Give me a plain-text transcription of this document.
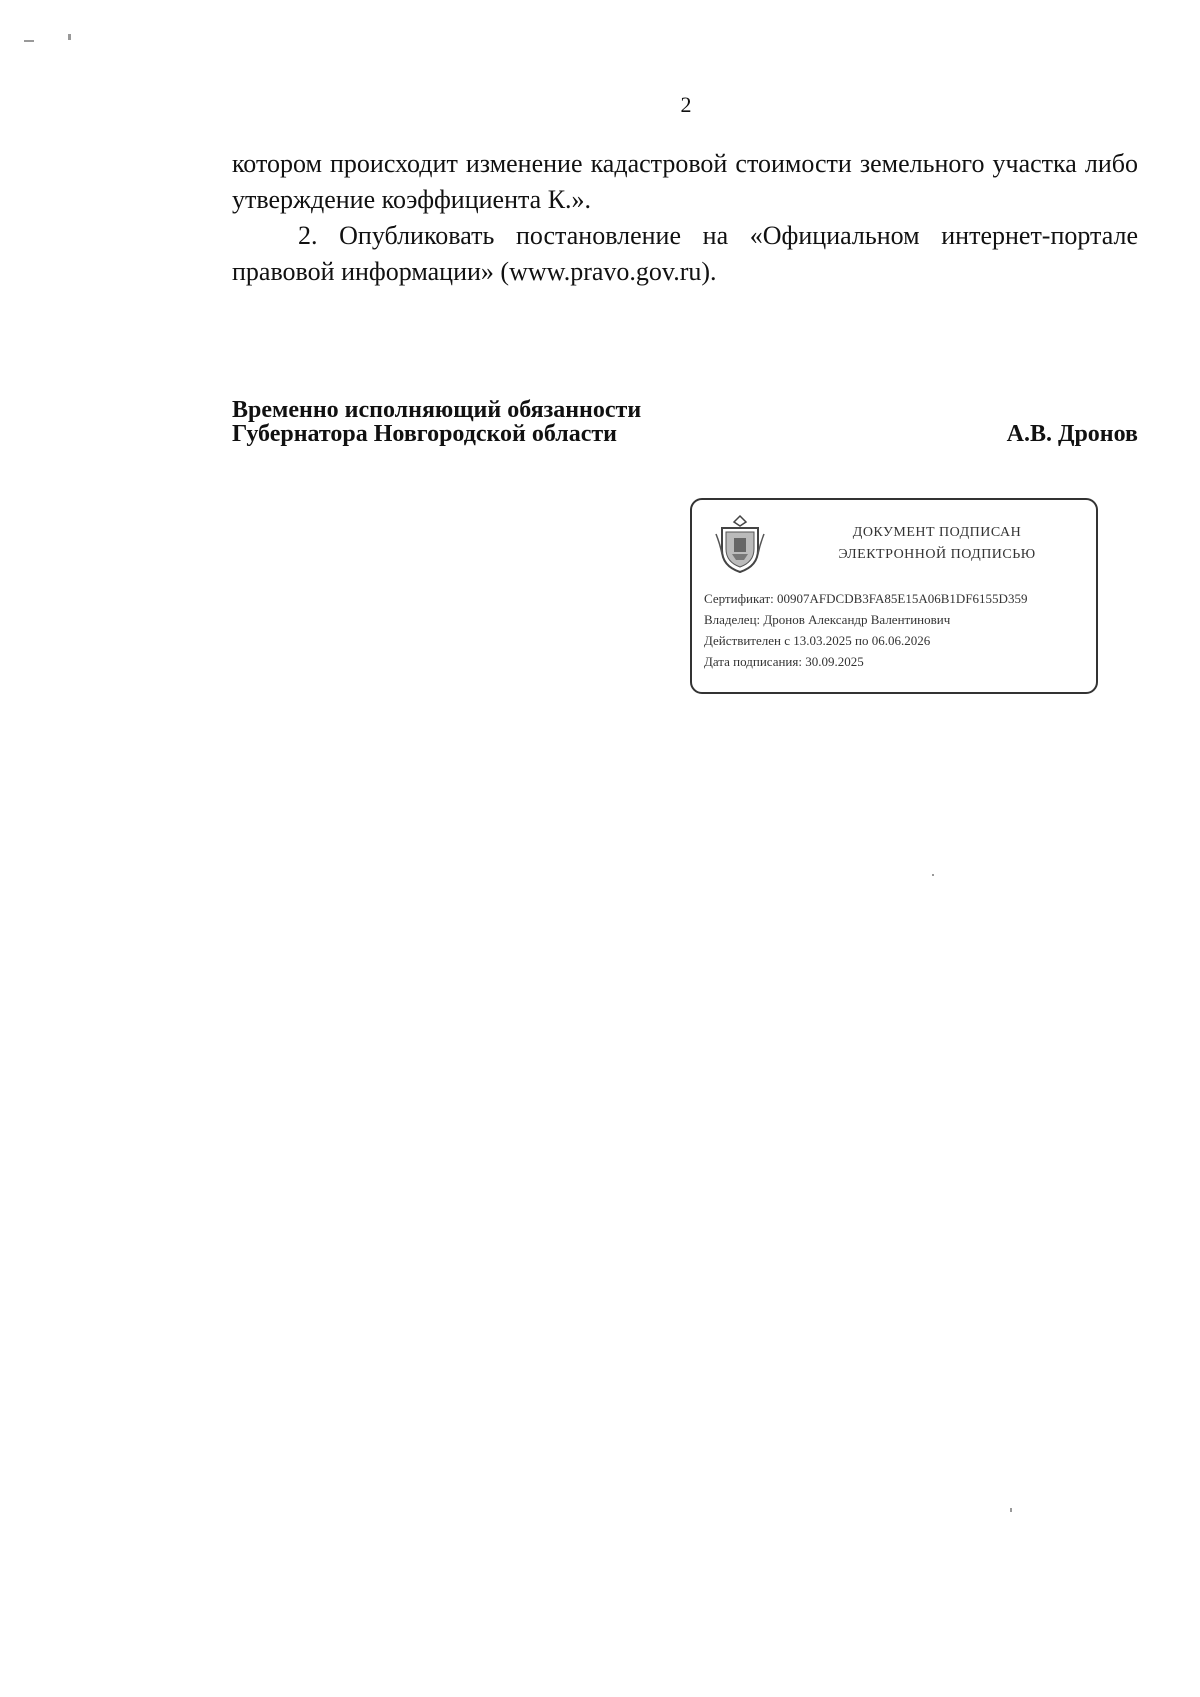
2

котором происходит изменение кадастровой стоимости земельного участка либо утверждение коэффициента К.».

2. Опубликовать постановление на «Официальном интернет-портале правовой информации» (www.pravo.gov.ru).

Временно исполняющий обязанности
Губернатора Новгородской области	А.В. Дронов
ДОКУМЕНТ ПОДПИСАН
ЭЛЕКТРОННОЙ ПОДПИСЬЮ
Сертификат: 00907AFDCDB3FA85E15A06B1DF6155D359
Владелец: Дронов Александр Валентинович
Действителен с 13.03.2025 по 06.06.2026
Дата подписания: 30.09.2025
